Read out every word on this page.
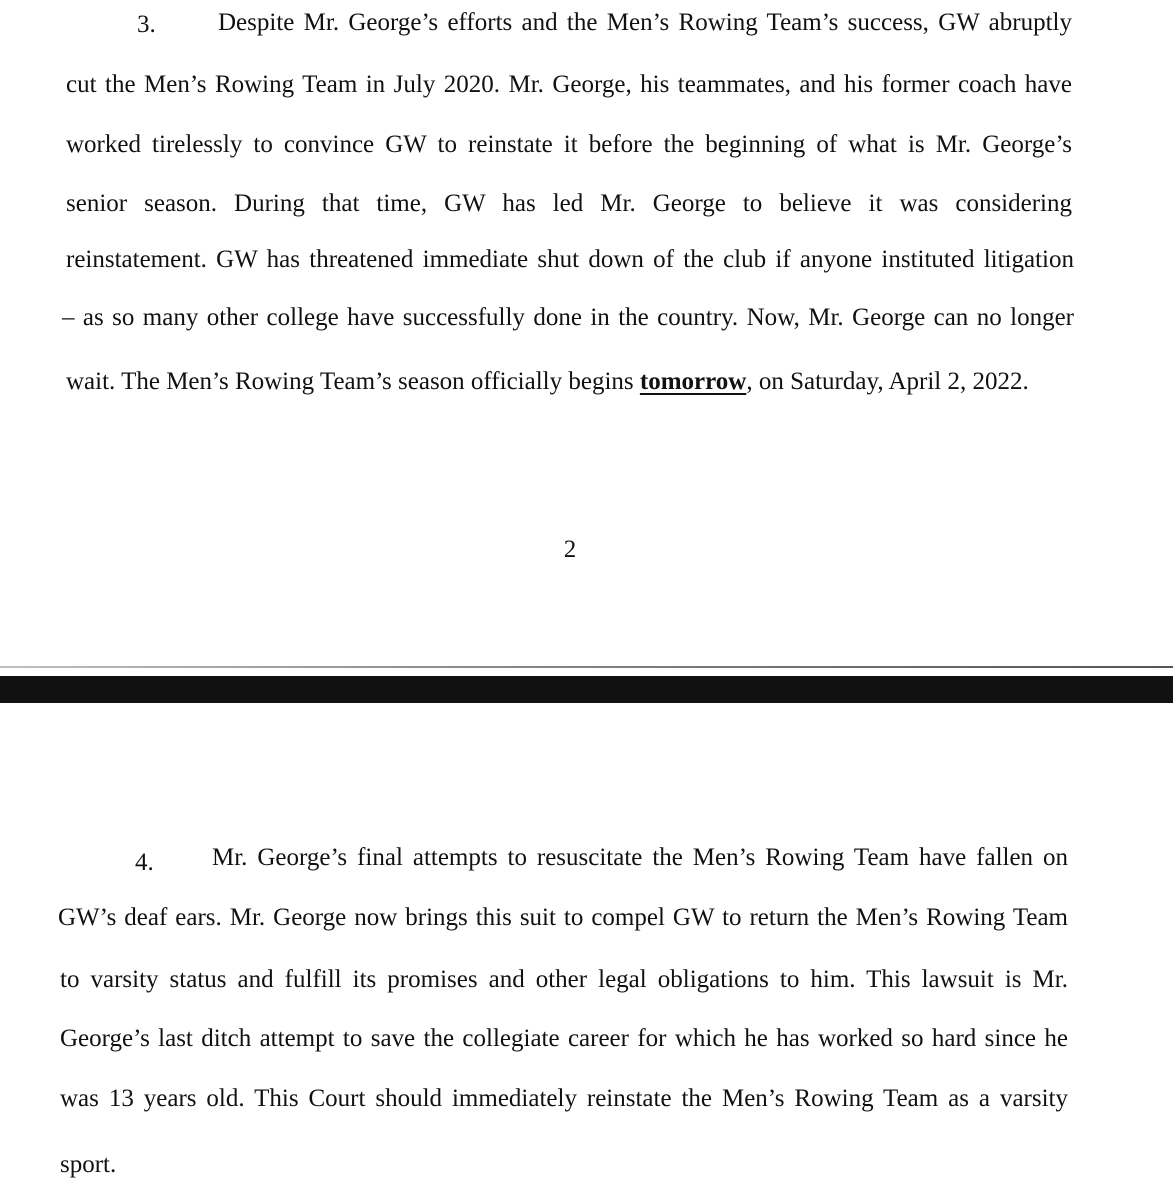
3. Despite Mr. George’s efforts and the Men’s Rowing Team’s success, GW abruptly
cut the Men’s Rowing Team in July 2020. Mr. George, his teammates, and his former coach have
worked tirelessly to convince GW to reinstate it before the beginning of what is Mr. George’s
senior season. During that time, GW has led Mr. George to believe it was considering
reinstatement. GW has threatened immediate shut down of the club if anyone instituted litigation
– as so many other college have successfully done in the country. Now, Mr. George can no longer
wait. The Men’s Rowing Team’s season officially begins tomorrow, on Saturday, April 2, 2022.
2
4. Mr. George’s final attempts to resuscitate the Men’s Rowing Team have fallen on
GW’s deaf ears. Mr. George now brings this suit to compel GW to return the Men’s Rowing Team
to varsity status and fulfill its promises and other legal obligations to him. This lawsuit is Mr.
George’s last ditch attempt to save the collegiate career for which he has worked so hard since he
was 13 years old. This Court should immediately reinstate the Men’s Rowing Team as a varsity
sport.
